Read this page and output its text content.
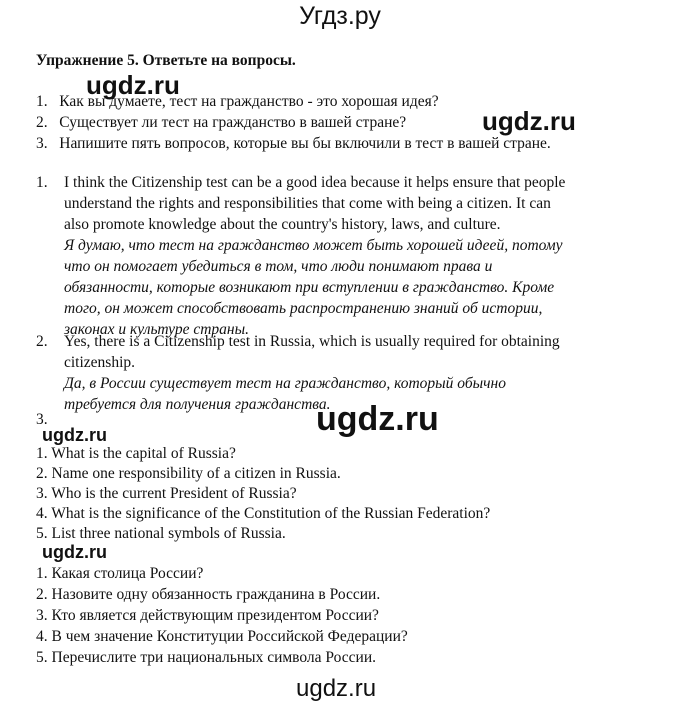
Угдз.ру
Упражнение 5. Ответьте на вопросы.
1.   Как вы думаете, тест на гражданство - это хорошая идея?
2.   Существует ли тест на гражданство в вашей стране?
3.   Напишите пять вопросов, которые вы бы включили в тест в вашей стране.
1. I think the Citizenship test can be a good idea because it helps ensure that people
understand the rights and responsibilities that come with being a citizen. It can
also promote knowledge about the country's history, laws, and culture.
Я думаю, что тест на гражданство может быть хорошей идеей, потому
что он помогает убедиться в том, что люди понимают права и
обязанности, которые возникают при вступлении в гражданство. Кроме
того, он может способствовать распространению знаний об истории,
законах и культуре страны.
2. Yes, there is a Citizenship test in Russia, which is usually required for obtaining
citizenship.
Да, в России существует тест на гражданство, который обычно
требуется для получения гражданства.
3.
1. What is the capital of Russia?
2. Name one responsibility of a citizen in Russia.
3. Who is the current President of Russia?
4. What is the significance of the Constitution of the Russian Federation?
5. List three national symbols of Russia.
1. Какая столица России?
2. Назовите одну обязанность гражданина в России.
3. Кто является действующим президентом России?
4. В чем значение Конституции Российской Федерации?
5. Перечислите три национальных символа России.
ugdz.ru
ugdz.ru
ugdz.ru
ugdz.ru
ugdz.ru
ugdz.ru
